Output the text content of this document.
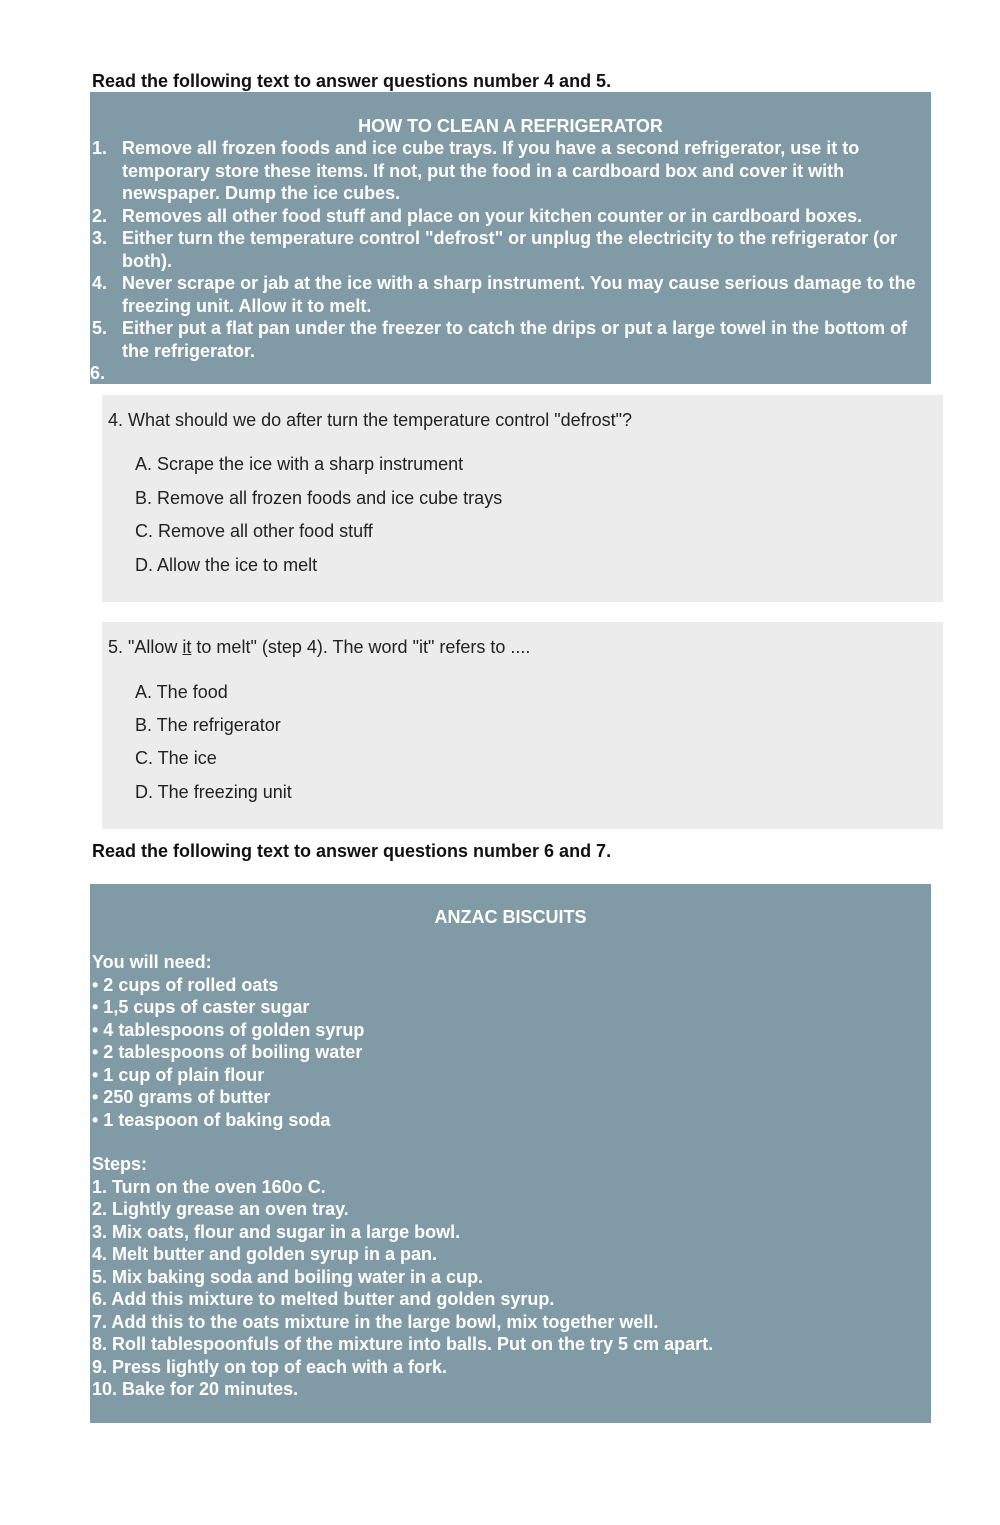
Read the following text to answer questions number 4 and 5.
HOW TO CLEAN A REFRIGERATOR
1. Remove all frozen foods and ice cube trays. If you have a second refrigerator, use it to temporary store these items. If not, put the food in a cardboard box and cover it with newspaper. Dump the ice cubes.
2. Removes all other food stuff and place on your kitchen counter or in cardboard boxes.
3. Either turn the temperature control "defrost" or unplug the electricity to the refrigerator (or both).
4. Never scrape or jab at the ice with a sharp instrument. You may cause serious damage to the freezing unit. Allow it to melt.
5. Either put a flat pan under the freezer to catch the drips or put a large towel in the bottom of the refrigerator.
6.

4. What should we do after turn the temperature control "defrost"?
A. Scrape the ice with a sharp instrument
B. Remove all frozen foods and ice cube trays
C. Remove all other food stuff
D. Allow the ice to melt
5. "Allow it to melt" (step 4). The word "it" refers to ....
A. The food
B. The refrigerator
C. The ice
D. The freezing unit
Read the following text to answer questions number 6 and 7.
ANZAC BISCUITS
You will need:
• 2 cups of rolled oats
• 1,5 cups of caster sugar
• 4 tablespoons of golden syrup
• 2 tablespoons of boiling water
• 1 cup of plain flour
• 250 grams of butter
• 1 teaspoon of baking soda
Steps:
1. Turn on the oven 160o C.
2. Lightly grease an oven tray.
3. Mix oats, flour and sugar in a large bowl.
4. Melt butter and golden syrup in a pan.
5. Mix baking soda and boiling water in a cup.
6. Add this mixture to melted butter and golden syrup.
7. Add this to the oats mixture in the large bowl, mix together well.
8. Roll tablespoonfuls of the mixture into balls. Put on the try 5 cm apart.
9. Press lightly on top of each with a fork.
10. Bake for 20 minutes.
